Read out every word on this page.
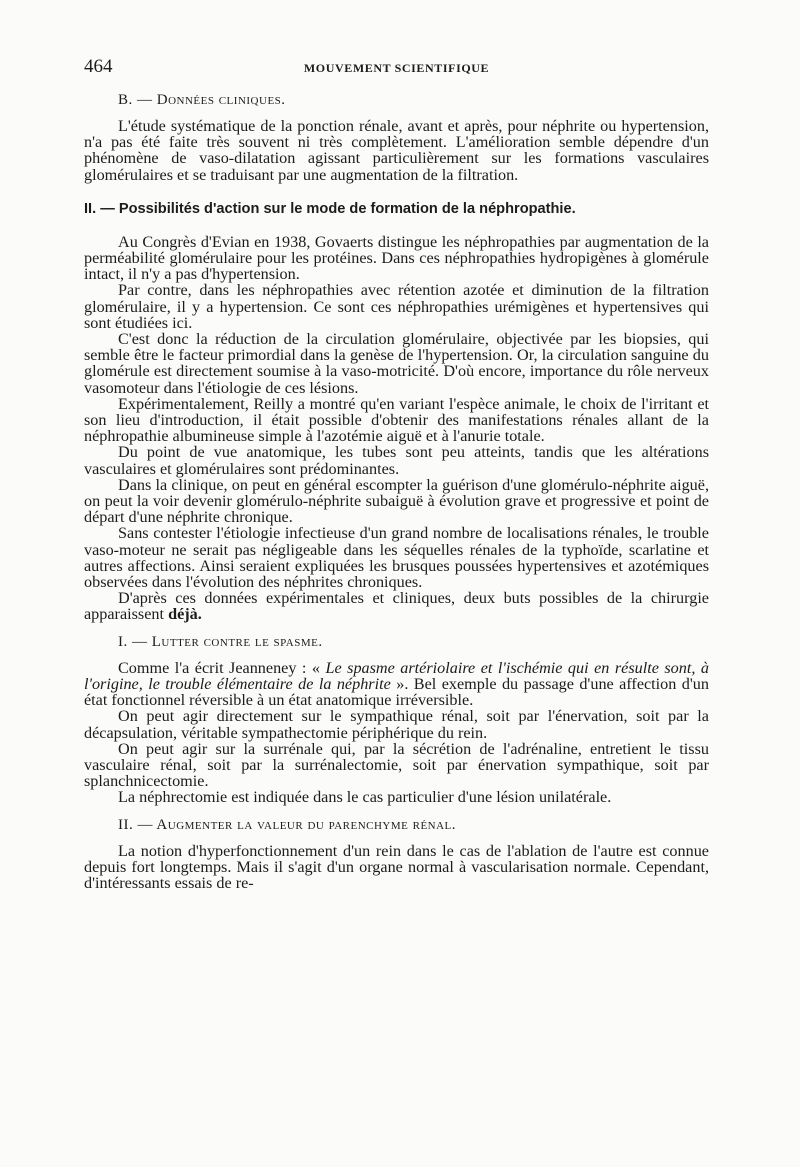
464	MOUVEMENT SCIENTIFIQUE
B. — Données cliniques.

L'étude systématique de la ponction rénale, avant et après, pour néphrite ou hypertension, n'a pas été faite très souvent ni très complètement. L'amélioration semble dépendre d'un phénomène de vaso-dilatation agissant particulièrement sur les formations vasculaires glomérulaires et se traduisant par une augmentation de la filtration.

II. — Possibilités d'action sur le mode de formation de la néphropathie.

Au Congrès d'Evian en 1938, Govaerts distingue les néphropathies par augmentation de la perméabilité glomérulaire pour les protéines. Dans ces néphropathies hydropigènes à glomérule intact, il n'y a pas d'hypertension.

Par contre, dans les néphropathies avec rétention azotée et diminution de la filtration glomérulaire, il y a hypertension. Ce sont ces néphropathies urémigènes et hypertensives qui sont étudiées ici.

C'est donc la réduction de la circulation glomérulaire, objectivée par les biopsies, qui semble être le facteur primordial dans la genèse de l'hypertension. Or, la circulation sanguine du glomérule est directement soumise à la vaso-motricité. D'où encore, importance du rôle nerveux vasomoteur dans l'étiologie de ces lésions.

Expérimentalement, Reilly a montré qu'en variant l'espèce animale, le choix de l'irritant et son lieu d'introduction, il était possible d'obtenir des manifestations rénales allant de la néphropathie albumineuse simple à l'azotémie aiguë et à l'anurie totale.

Du point de vue anatomique, les tubes sont peu atteints, tandis que les altérations vasculaires et glomérulaires sont prédominantes.

Dans la clinique, on peut en général escompter la guérison d'une glomérulo-néphrite aiguë, on peut la voir devenir glomérulo-néphrite subaiguë à évolution grave et progressive et point de départ d'une néphrite chronique.

Sans contester l'étiologie infectieuse d'un grand nombre de localisations rénales, le trouble vaso-moteur ne serait pas négligeable dans les séquelles rénales de la typhoïde, scarlatine et autres affections. Ainsi seraient expliquées les brusques poussées hypertensives et azotémiques observées dans l'évolution des néphrites chroniques.

D'après ces données expérimentales et cliniques, deux buts possibles de la chirurgie apparaissent déjà.

I. — Lutter contre le spasme.

Comme l'a écrit Jeanneney : « Le spasme artériolaire et l'ischémie qui en résulte sont, à l'origine, le trouble élémentaire de la néphrite ». Bel exemple du passage d'une affection d'un état fonctionnel réversible à un état anatomique irréversible.

On peut agir directement sur le sympathique rénal, soit par l'énervation, soit par la décapsulation, véritable sympathectomie périphérique du rein.

On peut agir sur la surrénale qui, par la sécrétion de l'adrénaline, entretient le tissu vasculaire rénal, soit par la surrénalectomie, soit par énervation sympathique, soit par splanchnicectomie.

La néphrectomie est indiquée dans le cas particulier d'une lésion unilatérale.

II. — Augmenter la valeur du parenchyme rénal.

La notion d'hyperfonctionnement d'un rein dans le cas de l'ablation de l'autre est connue depuis fort longtemps. Mais il s'agit d'un organe normal à vascularisation normale. Cependant, d'intéressants essais de re-
